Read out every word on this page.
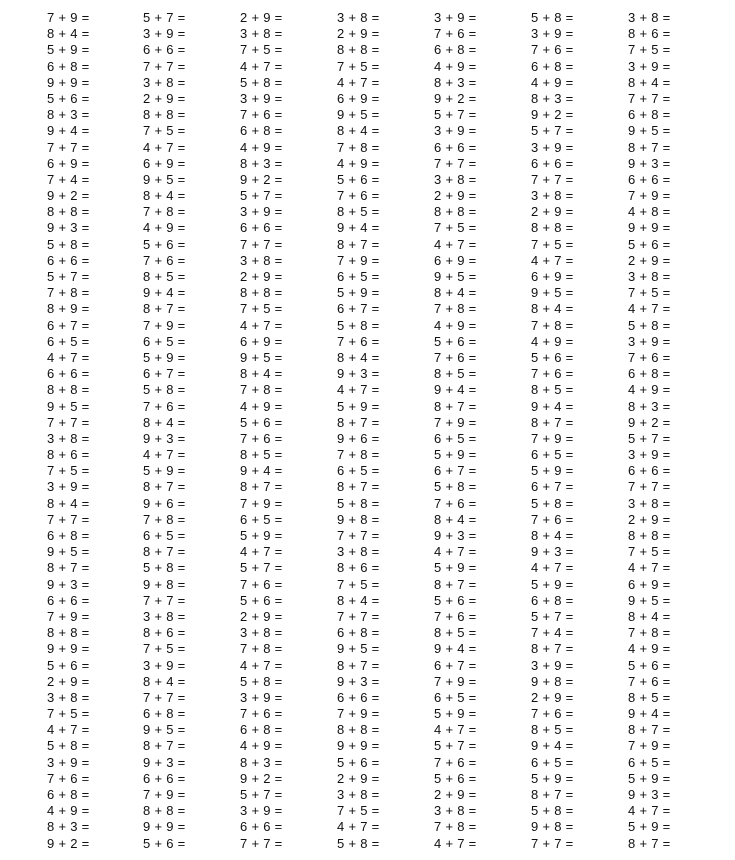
7 + 9 =
8 + 4 =
5 + 9 =
6 + 8 =
9 + 9 =
5 + 6 =
8 + 3 =
9 + 4 =
7 + 7 =
6 + 9 =
7 + 4 =
9 + 2 =
8 + 8 =
9 + 3 =
5 + 8 =
6 + 6 =
5 + 7 =
7 + 8 =
8 + 9 =
6 + 7 =
6 + 5 =
4 + 7 =
6 + 6 =
8 + 8 =
9 + 5 =
7 + 7 =
3 + 8 =
8 + 6 =
7 + 5 =
3 + 9 =
8 + 4 =
7 + 7 =
6 + 8 =
9 + 5 =
8 + 7 =
9 + 3 =
6 + 6 =
7 + 9 =
8 + 8 =
9 + 9 =
5 + 6 =
2 + 9 =
3 + 8 =
7 + 5 =
4 + 7 =
5 + 8 =
3 + 9 =
7 + 6 =
6 + 8 =
4 + 9 =
8 + 3 =
9 + 2 =
5 + 7 =
3 + 9 =
6 + 6 =
7 + 7 =
3 + 8 =
2 + 9 =
8 + 8 =
7 + 5 =
4 + 7 =
6 + 9 =
9 + 5 =
8 + 4 =
7 + 8 =
4 + 9 =
5 + 6 =
7 + 6 =
8 + 5 =
9 + 4 =
8 + 7 =
7 + 9 =
6 + 5 =
5 + 9 =
6 + 7 =
5 + 8 =
7 + 6 =
8 + 4 =
9 + 3 =
4 + 7 =
5 + 9 =
8 + 7 =
9 + 6 =
7 + 8 =
6 + 5 =
8 + 7 =
5 + 8 =
9 + 8 =
7 + 7 =
3 + 8 =
8 + 6 =
7 + 5 =
3 + 9 =
8 + 4 =
7 + 7 =
6 + 8 =
9 + 5 =
8 + 7 =
9 + 3 =
6 + 6 =
7 + 9 =
8 + 8 =
9 + 9 =
5 + 6 =
2 + 9 =
3 + 8 =
7 + 5 =
4 + 7 =
5 + 8 =
3 + 9 =
7 + 6 =
6 + 8 =
4 + 9 =
8 + 3 =
9 + 2 =
5 + 7 =
3 + 9 =
6 + 6 =
7 + 7 =
3 + 8 =
2 + 9 =
8 + 8 =
7 + 5 =
4 + 7 =
6 + 9 =
9 + 5 =
8 + 4 =
7 + 8 =
4 + 9 =
5 + 6 =
7 + 6 =
8 + 5 =
9 + 4 =
8 + 7 =
7 + 9 =
6 + 5 =
5 + 9 =
4 + 7 =
5 + 7 =
7 + 6 =
5 + 6 =
2 + 9 =
3 + 8 =
7 + 8 =
4 + 7 =
5 + 8 =
3 + 9 =
7 + 6 =
6 + 8 =
4 + 9 =
8 + 3 =
9 + 2 =
5 + 7 =
3 + 9 =
6 + 6 =
7 + 7 =
3 + 8 =
2 + 9 =
8 + 8 =
7 + 5 =
4 + 7 =
6 + 9 =
9 + 5 =
8 + 4 =
7 + 8 =
4 + 9 =
5 + 6 =
7 + 6 =
8 + 5 =
9 + 4 =
8 + 7 =
7 + 9 =
6 + 5 =
5 + 9 =
6 + 7 =
5 + 8 =
7 + 6 =
8 + 4 =
9 + 3 =
4 + 7 =
5 + 9 =
8 + 7 =
9 + 6 =
7 + 8 =
6 + 5 =
8 + 7 =
5 + 8 =
9 + 8 =
7 + 7 =
3 + 8 =
8 + 6 =
7 + 5 =
8 + 4 =
7 + 7 =
6 + 8 =
9 + 5 =
8 + 7 =
9 + 3 =
6 + 6 =
7 + 9 =
8 + 8 =
9 + 9 =
5 + 6 =
2 + 9 =
3 + 8 =
7 + 5 =
4 + 7 =
5 + 8 =
3 + 9 =
7 + 6 =
6 + 8 =
4 + 9 =
8 + 3 =
9 + 2 =
5 + 7 =
3 + 9 =
6 + 6 =
7 + 7 =
3 + 8 =
2 + 9 =
8 + 8 =
7 + 5 =
4 + 7 =
6 + 9 =
9 + 5 =
8 + 4 =
7 + 8 =
4 + 9 =
5 + 6 =
7 + 6 =
8 + 5 =
9 + 4 =
8 + 7 =
7 + 9 =
6 + 5 =
5 + 9 =
6 + 7 =
5 + 8 =
7 + 6 =
8 + 4 =
9 + 3 =
4 + 7 =
5 + 9 =
8 + 7 =
5 + 6 =
7 + 6 =
8 + 5 =
9 + 4 =
6 + 7 =
7 + 9 =
6 + 5 =
5 + 9 =
4 + 7 =
5 + 7 =
7 + 6 =
5 + 6 =
2 + 9 =
3 + 8 =
7 + 8 =
4 + 7 =
5 + 8 =
3 + 9 =
7 + 6 =
6 + 8 =
4 + 9 =
8 + 3 =
9 + 2 =
5 + 7 =
3 + 9 =
6 + 6 =
7 + 7 =
3 + 8 =
2 + 9 =
8 + 8 =
7 + 5 =
4 + 7 =
6 + 9 =
9 + 5 =
8 + 4 =
7 + 8 =
4 + 9 =
5 + 6 =
7 + 6 =
8 + 5 =
9 + 4 =
8 + 7 =
7 + 9 =
6 + 5 =
5 + 9 =
6 + 7 =
5 + 8 =
7 + 6 =
8 + 4 =
9 + 3 =
4 + 7 =
5 + 9 =
6 + 8 =
5 + 7 =
7 + 4 =
8 + 7 =
3 + 9 =
9 + 8 =
2 + 9 =
7 + 6 =
8 + 5 =
9 + 4 =
6 + 5 =
5 + 9 =
8 + 7 =
5 + 8 =
9 + 8 =
7 + 7 =
3 + 8 =
8 + 6 =
7 + 5 =
3 + 9 =
8 + 4 =
7 + 7 =
6 + 8 =
9 + 5 =
8 + 7 =
9 + 3 =
6 + 6 =
7 + 9 =
4 + 8 =
9 + 9 =
5 + 6 =
2 + 9 =
3 + 8 =
7 + 5 =
4 + 7 =
5 + 8 =
3 + 9 =
7 + 6 =
6 + 8 =
4 + 9 =
8 + 3 =
9 + 2 =
5 + 7 =
3 + 9 =
6 + 6 =
7 + 7 =
3 + 8 =
2 + 9 =
8 + 8 =
7 + 5 =
4 + 7 =
6 + 9 =
9 + 5 =
8 + 4 =
7 + 8 =
4 + 9 =
5 + 6 =
7 + 6 =
8 + 5 =
9 + 4 =
8 + 7 =
7 + 9 =
6 + 5 =
5 + 9 =
9 + 3 =
4 + 7 =
5 + 9 =
8 + 7 =
